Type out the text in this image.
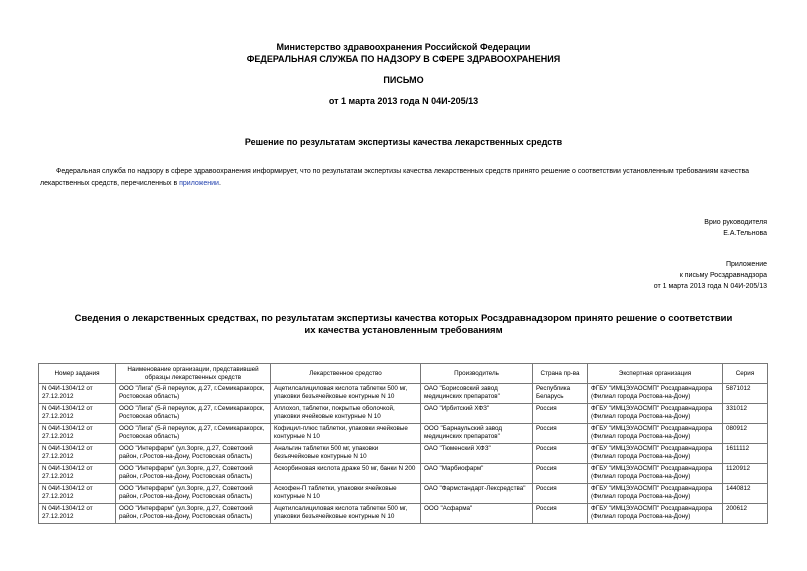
Министерство здравоохранения Российской Федерации
ФЕДЕРАЛЬНАЯ СЛУЖБА ПО НАДЗОРУ В СФЕРЕ ЗДРАВООХРАНЕНИЯ
ПИСЬМО
от 1 марта 2013 года N 04И-205/13
Решение по результатам экспертизы качества лекарственных средств
Федеральная служба по надзору в сфере здравоохранения информирует, что по результатам экспертизы качества лекарственных средств принято решение о соответствии установленным требованиям качества лекарственных средств, перечисленных в приложении.
Врио руководителя
Е.А.Тельнова
Приложение
к письму Росздравнадзора
от 1 марта 2013 года N 04И-205/13
Сведения о лекарственных средствах, по результатам экспертизы качества которых Росздравнадзором принято решение о соответствии их качества установленным требованиям
Номер задания	Наименование организации, представившей образцы лекарственных средств	Лекарственное средство	Производитель	Страна пр-ва	Экспертная организация	Серия
N 04И-1304/12 от 27.12.2012	ООО "Лига" (5-й переулок, д.27, г.Семикаракорск, Ростовская область)	Ацетилсалициловая кислота таблетки 500 мг, упаковки безъячейковые контурные N 10	ОАО "Борисовский завод медицинских препаратов"	Республика Беларусь	ФГБУ "ИМЦЭУАОСМП" Росздравнадзора (Филиал города Ростова-на-Дону)	5871012
N 04И-1304/12 от 27.12.2012	ООО "Лига" (5-й переулок, д.27, г.Семикаракорск, Ростовская область)	Аллохол, таблетки, покрытые оболочкой, упаковки ячейковые контурные N 10	ОАО "Ирбитский ХФЗ"	Россия	ФГБУ "ИМЦЭУАОСМП" Росздравнадзора (Филиал города Ростова-на-Дону)	331012
N 04И-1304/12 от 27.12.2012	ООО "Лига" (5-й переулок, д.27, г.Семикаракорск, Ростовская область)	Кофицил-плюс таблетки, упаковки ячейковые контурные N 10	ООО "Барнаульский завод медицинских препаратов"	Россия	ФГБУ "ИМЦЭУАОСМП" Росздравнадзора (Филиал города Ростова-на-Дону)	080912
N 04И-1304/12 от 27.12.2012	ООО "Интерфарм" (ул.Зорге, д.27, Советский район, г.Ростов-на-Дону, Ростовская область)	Анальгин таблетки 500 мг, упаковки безъячейковые контурные N 10	ОАО "Тюменский ХФЗ"	Россия	ФГБУ "ИМЦЭУАОСМП" Росздравнадзора (Филиал города Ростова-на-Дону)	1611112
N 04И-1304/12 от 27.12.2012	ООО "Интерфарм" (ул.Зорге, д.27, Советский район, г.Ростов-на-Дону, Ростовская область)	Аскорбиновая кислота драже 50 мг, банки N 200	ОАО "Марбиофарм"	Россия	ФГБУ "ИМЦЭУАОСМП" Росздравнадзора (Филиал города Ростова-на-Дону)	1120912
N 04И-1304/12 от 27.12.2012	ООО "Интерфарм" (ул.Зорге, д.27, Советский район, г.Ростов-на-Дону, Ростовская область)	Аскофен-П таблетки, упаковки ячейковые контурные N 10	ОАО "Фармстандарт-Лексредства"	Россия	ФГБУ "ИМЦЭУАОСМП" Росздравнадзора (Филиал города Ростова-на-Дону)	1440812
N 04И-1304/12 от 27.12.2012	ООО "Интерфарм" (ул.Зорге, д.27, Советский район, г.Ростов-на-Дону, Ростовская область)	Ацетилсалициловая кислота таблетки 500 мг, упаковки безъячейковые контурные N 10	ООО "Асфарма"	Россия	ФГБУ "ИМЦЭУАОСМП" Росздравнадзора (Филиал города Ростова-на-Дону)	200612
